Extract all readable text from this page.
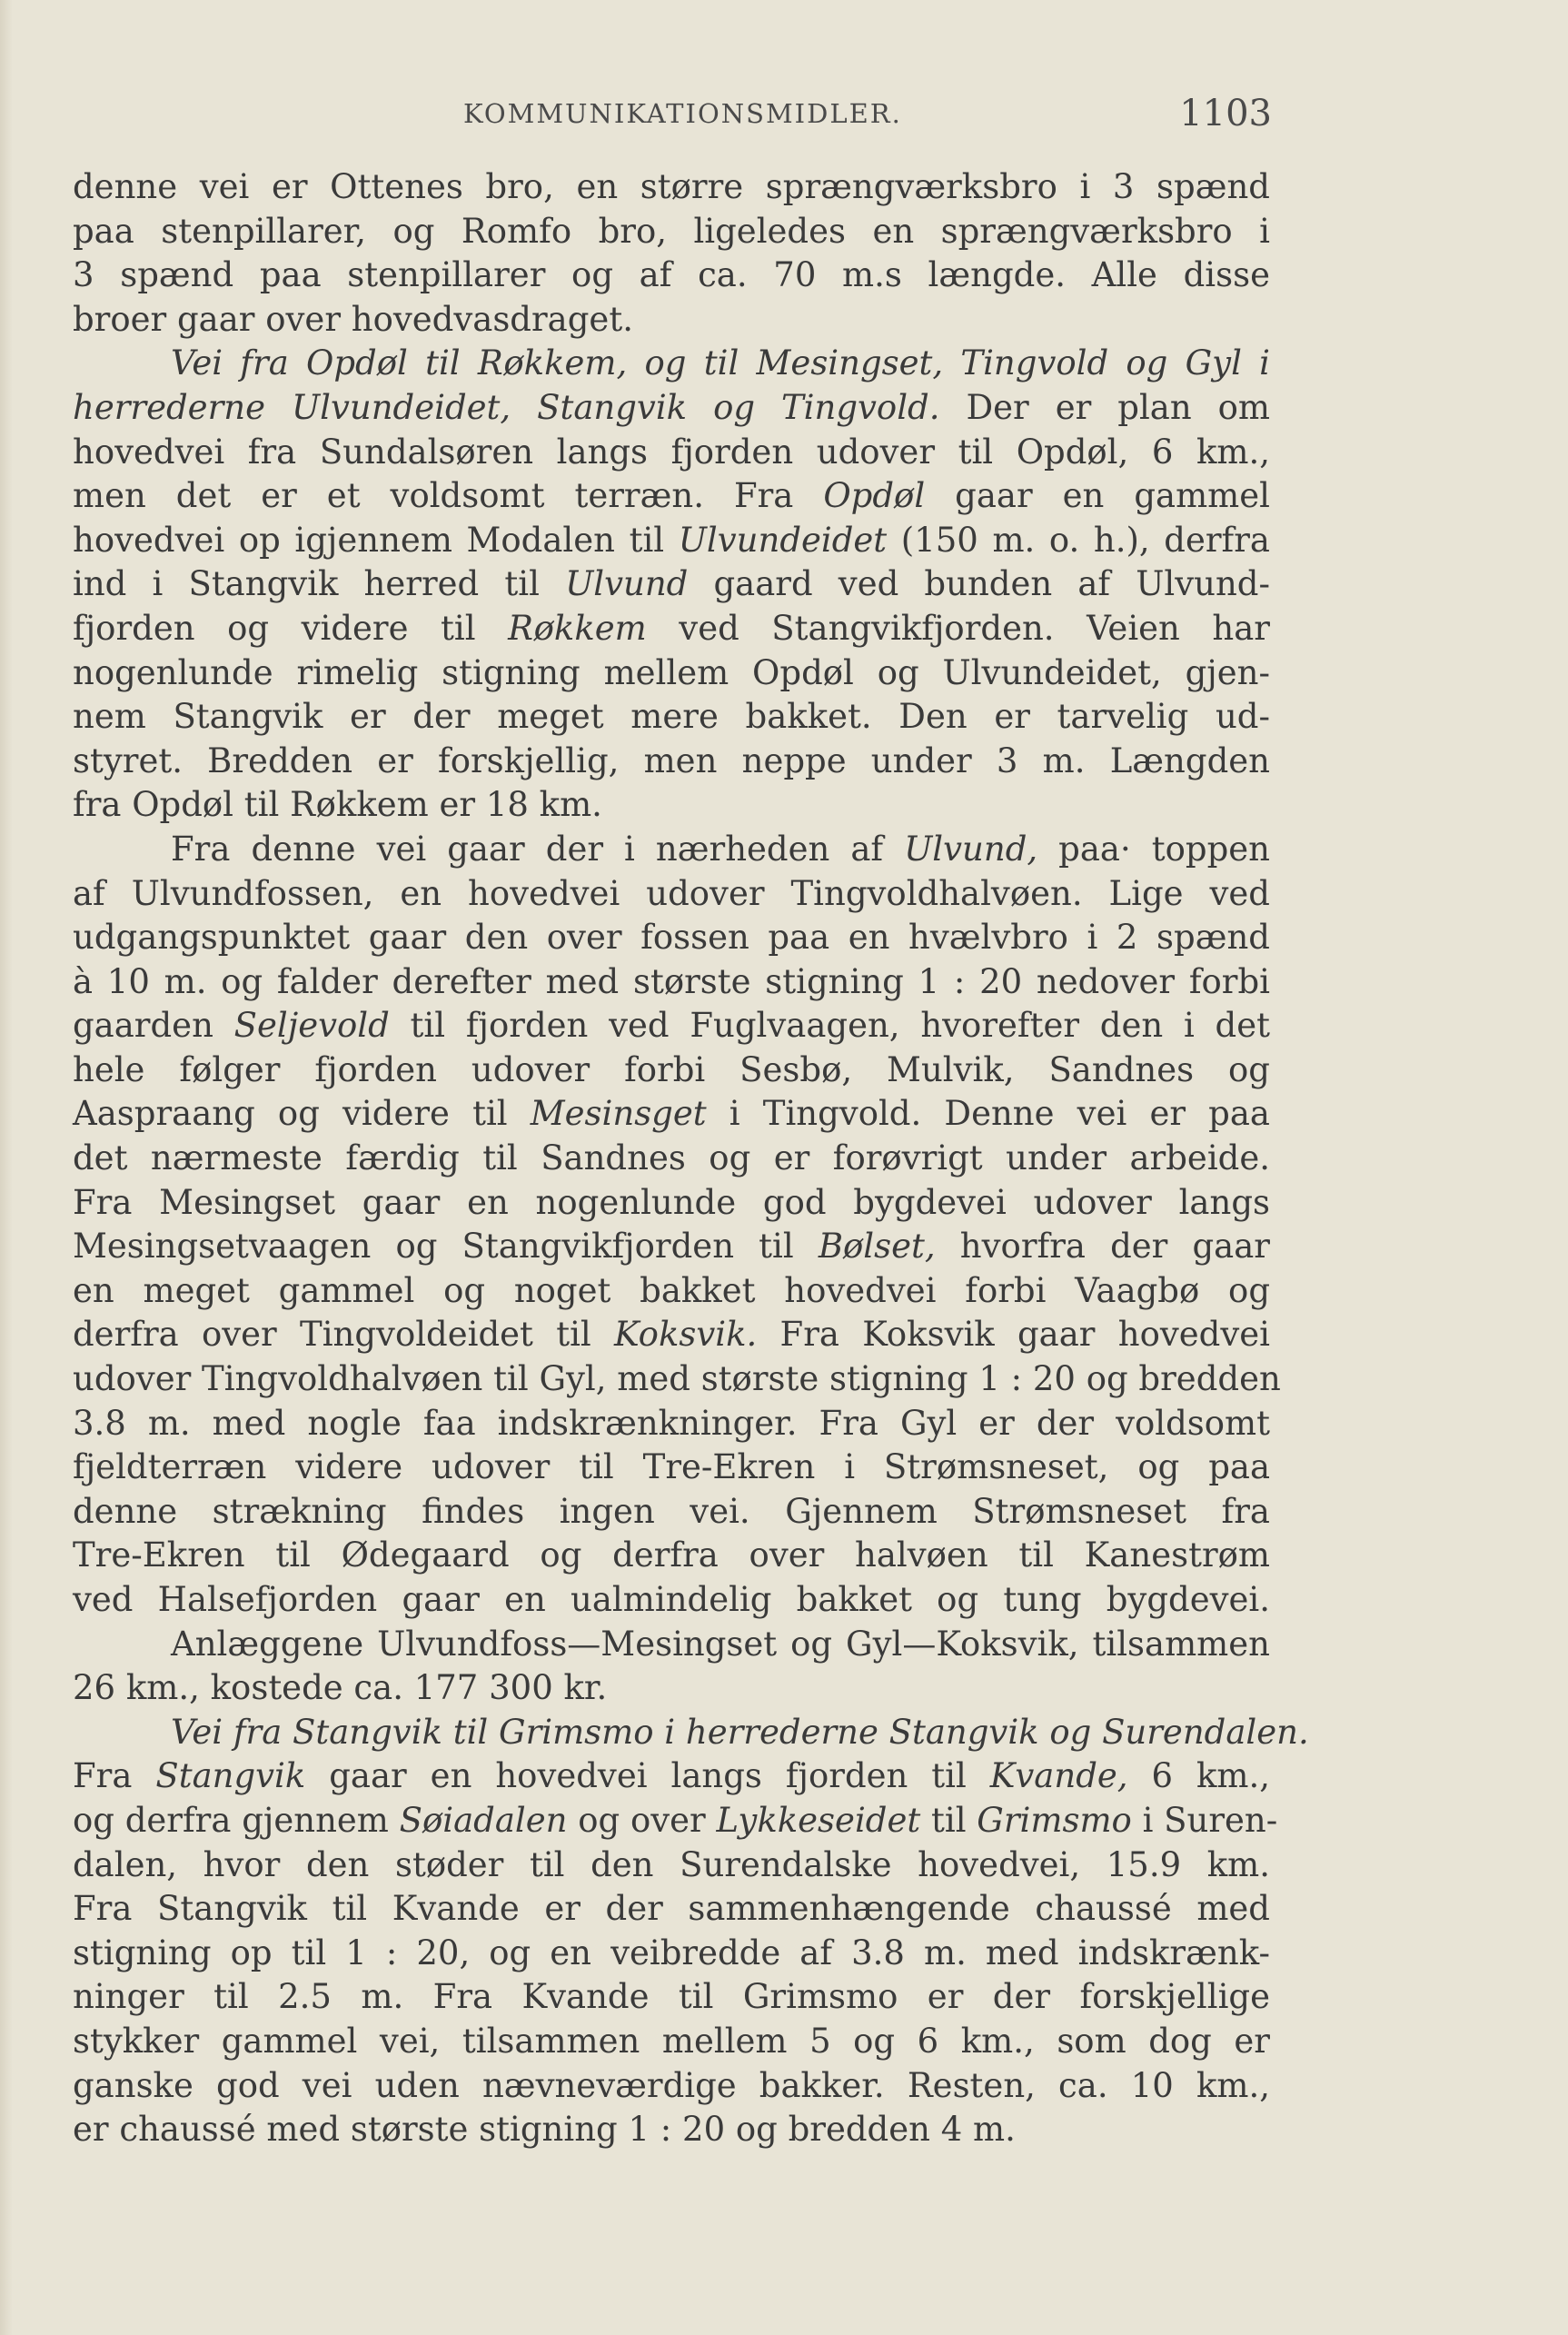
KOMMUNIKATIONSMIDLER.	1103
denne vei er Ottenes bro, en større sprængværksbro i 3 spænd
paa stenpillarer, og Romfo bro, ligeledes en sprængværksbro i
3 spænd paa stenpillarer og af ca. 70 m.s længde. Alle disse
broer gaar over hovedvasdraget.
Vei fra Opdøl til Røkkem, og til Mesingset, Tingvold og Gyl i
herrederne Ulvundeidet, Stangvik og Tingvold. Der er plan om
hovedvei fra Sundalsøren langs fjorden udover til Opdøl, 6 km.,
men det er et voldsomt terræn. Fra Opdøl gaar en gammel
hovedvei op igjennem Modalen til Ulvundeidet (150 m. o. h.), derfra
ind i Stangvik herred til Ulvund gaard ved bunden af Ulvund-
fjorden og videre til Røkkem ved Stangvikfjorden. Veien har
nogenlunde rimelig stigning mellem Opdøl og Ulvundeidet, gjen-
nem Stangvik er der meget mere bakket. Den er tarvelig ud-
styret. Bredden er forskjellig, men neppe under 3 m. Længden
fra Opdøl til Røkkem er 18 km.
Fra denne vei gaar der i nærheden af Ulvund, paa· toppen
af Ulvundfossen, en hovedvei udover Tingvoldhalvøen. Lige ved
udgangspunktet gaar den over fossen paa en hvælvbro i 2 spænd
à 10 m. og falder derefter med største stigning 1 : 20 nedover forbi
gaarden Seljevold til fjorden ved Fuglvaagen, hvorefter den i det
hele følger fjorden udover forbi Sesbø, Mulvik, Sandnes og
Aaspraang og videre til Mesinsget i Tingvold. Denne vei er paa
det nærmeste færdig til Sandnes og er forøvrigt under arbeide.
Fra Mesingset gaar en nogenlunde god bygdevei udover langs
Mesingsetvaagen og Stangvikfjorden til Bølset, hvorfra der gaar
en meget gammel og noget bakket hovedvei forbi Vaagbø og
derfra over Tingvoldeidet til Koksvik. Fra Koksvik gaar hovedvei
udover Tingvoldhalvøen til Gyl, med største stigning 1 : 20 og bredden
3.8 m. med nogle faa indskrænkninger. Fra Gyl er der voldsomt
fjeldterræn videre udover til Tre-Ekren i Strømsneset, og paa
denne strækning findes ingen vei. Gjennem Strømsneset fra
Tre-Ekren til Ødegaard og derfra over halvøen til Kanestrøm
ved Halsefjorden gaar en ualmindelig bakket og tung bygdevei.
Anlæggene Ulvundfoss—Mesingset og Gyl—Koksvik, tilsammen
26 km., kostede ca. 177 300 kr.
Vei fra Stangvik til Grimsmo i herrederne Stangvik og Surendalen.
Fra Stangvik gaar en hovedvei langs fjorden til Kvande, 6 km.,
og derfra gjennem Søiadalen og over Lykkeseidet til Grimsmo i Suren-
dalen, hvor den støder til den Surendalske hovedvei, 15.9 km.
Fra Stangvik til Kvande er der sammenhængende chaussé med
stigning op til 1 : 20, og en veibredde af 3.8 m. med indskrænk-
ninger til 2.5 m. Fra Kvande til Grimsmo er der forskjellige
stykker gammel vei, tilsammen mellem 5 og 6 km., som dog er
ganske god vei uden nævneværdige bakker. Resten, ca. 10 km.,
er chaussé med største stigning 1 : 20 og bredden 4 m.
